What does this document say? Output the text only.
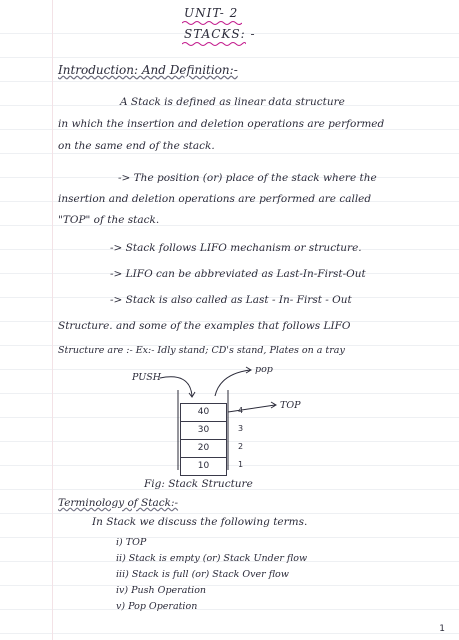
UNIT- 2
STACKS: -
Introduction: And Definition:-
A Stack is defined as linear data structure
in which the insertion and deletion operations are performed
on the same end of the stack.
-> The position (or) place of the stack where the
insertion and deletion operations are performed are called
"TOP" of the stack.
-> Stack follows LIFO mechanism or structure.
-> LIFO can be abbreviated as Last-In-First-Out
-> Stack is also called as Last - In- First - Out
Structure. and some of the examples that follows LIFO
Structure are :- Ex:- Idly stand; CD's stand, Plates on a tray
PUSH
pop
TOP
40
30
20
10
4
3
2
1
Fig: Stack Structure
Terminology of Stack:-
In Stack we discuss the following terms.
i) TOP
ii) Stack is empty (or) Stack Under flow
iii) Stack is full (or) Stack Over flow
iv) Push Operation
v) Pop Operation
1
